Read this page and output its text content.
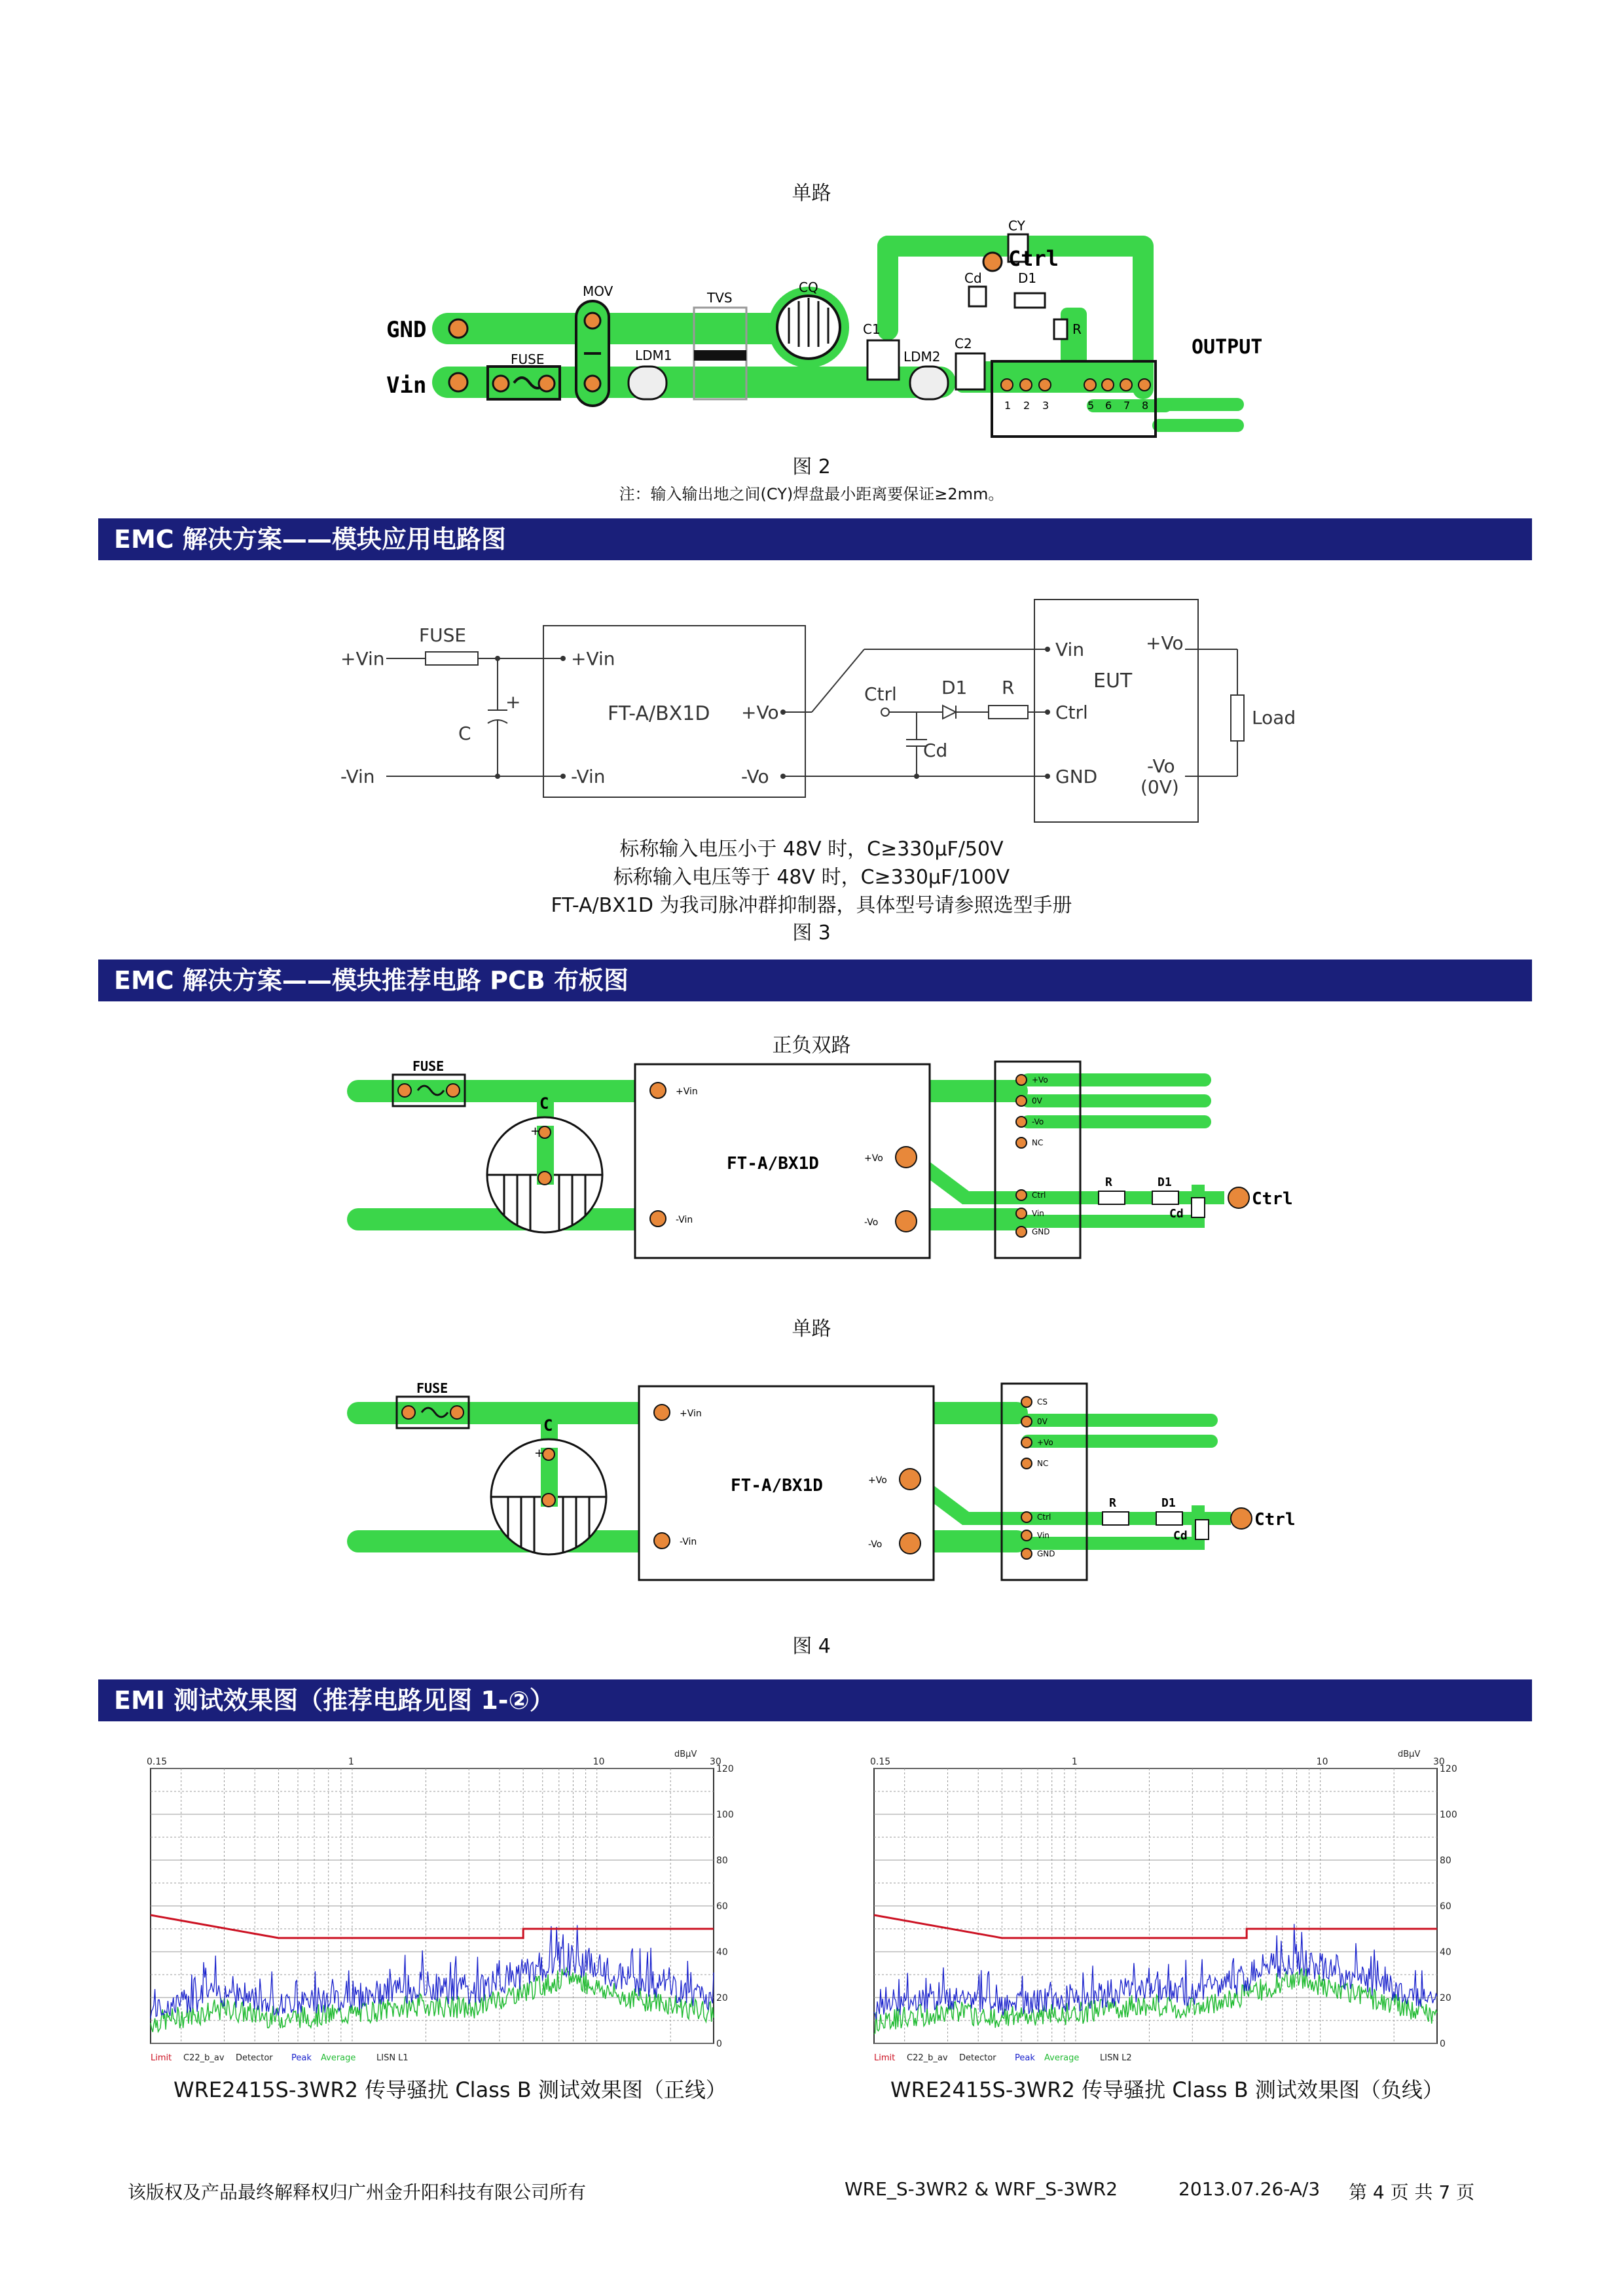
单路
GND
Vin
FUSE
MOV
LDM1
TVS
CQ
C1
LDM2
C2
Cd	D1
Ctrl
CY
R
OUTPUT
1 2 3	5 6 7 8
图 2
注：输入输出地之间(CY)焊盘最小距离要保证≥2mm。
EMC 解决方案——模块应用电路图
FUSE
+Vin	+Vin
C
+
-Vin	-Vin
FT-A/BX1D +Vo
-Vo
Ctrl D1 R
Cd
EUT
Vin	+Vo
Ctrl
GND	-Vo
(0V)
Load
标称输入电压小于 48V 时，C≥330μF/50V
标称输入电压等于 48V 时，C≥330μF/100V
FT-A/BX1D 为我司脉冲群抑制器，具体型号请参照选型手册
图 3
EMC 解决方案——模块推荐电路 PCB 布板图
正负双路
FUSE
C
+
+Vin
-Vin
FT-A/BX1D	+Vo
-Vo
+Vo
0V
-Vo
NC
Ctrl
Vin
GND
R	D1
Cd
Ctrl
单路
FUSE
C
+
+Vin
-Vin
FT-A/BX1D	+Vo
-Vo
CS
0V
+Vo
NC
Ctrl
Vin
GND
R	D1
Cd
Ctrl
图 4
EMI 测试效果图（推荐电路见图 1-②）
0.15	1	10	30
120
100
80
60
40
20
0
dBµV
Limit C22_b_av Detector Peak Average LISN L1
0.15	1	10	30
120
100
80
60
40
20
0
dBµV
Limit C22_b_av Detector Peak Average LISN L2
WRE2415S-3WR2 传导骚扰 Class B 测试效果图（正线）	WRE2415S-3WR2 传导骚扰 Class B 测试效果图（负线）
该版权及产品最终解释权归广州金升阳科技有限公司所有	WRE_S-3WR2 & WRF_S-3WR2	2013.07.26-A/3 第 4 页 共 7 页
